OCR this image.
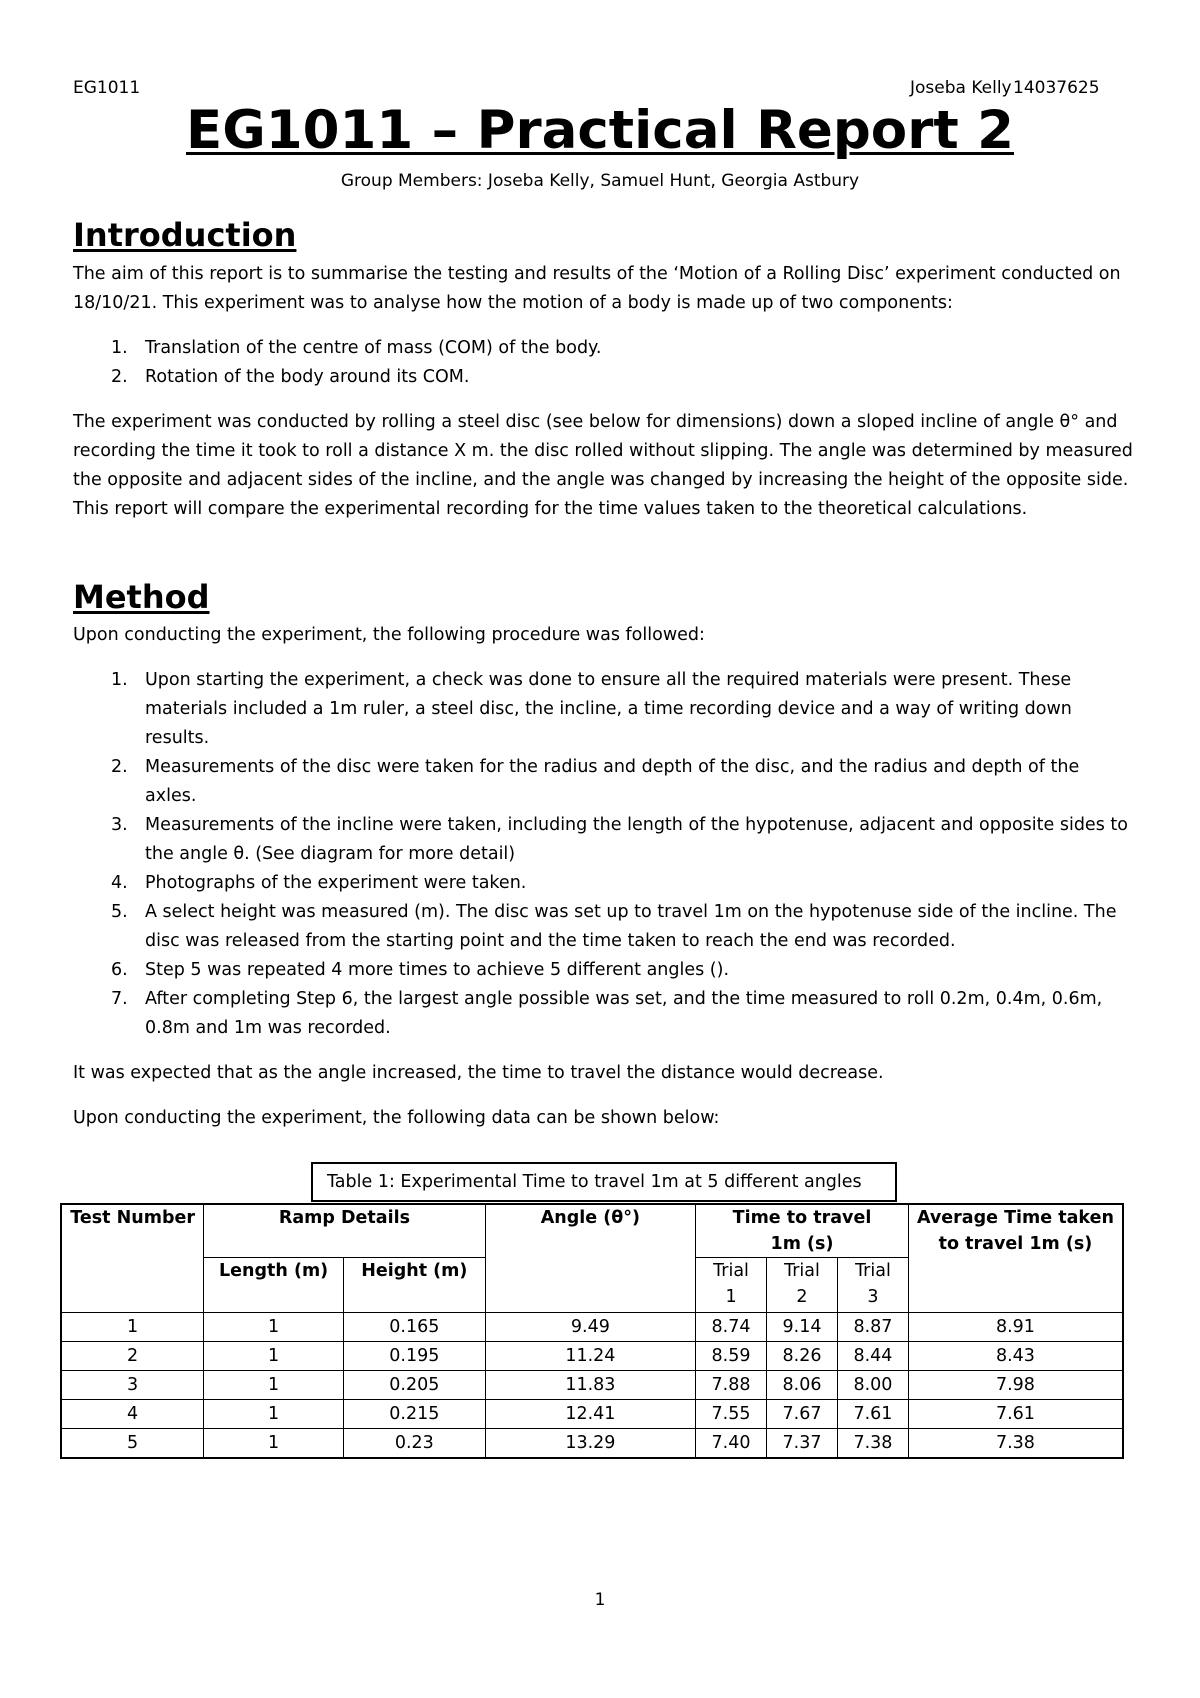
EG1011	Joseba Kelly 14037625
EG1011 – Practical Report 2
Group Members: Joseba Kelly, Samuel Hunt, Georgia Astbury
Introduction

The aim of this report is to summarise the testing and results of the ‘Motion of a Rolling Disc’ experiment conducted on 18/10/21. This experiment was to analyse how the motion of a body is made up of two components:

1. Translation of the centre of mass (COM) of the body.
2. Rotation of the body around its COM.

The experiment was conducted by rolling a steel disc (see below for dimensions) down a sloped incline of angle θ° and recording the time it took to roll a distance X m. the disc rolled without slipping. The angle was determined by measured the opposite and adjacent sides of the incline, and the angle was changed by increasing the height of the opposite side. This report will compare the experimental recording for the time values taken to the theoretical calculations.

Method

Upon conducting the experiment, the following procedure was followed:

1. Upon starting the experiment, a check was done to ensure all the required materials were present. These materials included a 1m ruler, a steel disc, the incline, a time recording device and a way of writing down results.
2. Measurements of the disc were taken for the radius and depth of the disc, and the radius and depth of the axles.
3. Measurements of the incline were taken, including the length of the hypotenuse, adjacent and opposite sides to the angle θ. (See diagram for more detail)
4. Photographs of the experiment were taken.
5. A select height was measured (m). The disc was set up to travel 1m on the hypotenuse side of the incline. The disc was released from the starting point and the time taken to reach the end was recorded.
6. Step 5 was repeated 4 more times to achieve 5 different angles ().
7. After completing Step 6, the largest angle possible was set, and the time measured to roll 0.2m, 0.4m, 0.6m, 0.8m and 1m was recorded.

It was expected that as the angle increased, the time to travel the distance would decrease.

Upon conducting the experiment, the following data can be shown below:

Table 1: Experimental Time to travel 1m at 5 different angles
Test Number	Ramp Details		Angle (θ°)	Time to travel 1m (s)			Average Time taken to travel 1m (s)
	Length (m)	Height (m)		Trial 1	Trial 2	Trial 3	
1	1	0.165	9.49	8.74	9.14	8.87	8.91
2	1	0.195	11.24	8.59	8.26	8.44	8.43
3	1	0.205	11.83	7.88	8.06	8.00	7.98
4	1	0.215	12.41	7.55	7.67	7.61	7.61
5	1	0.23	13.29	7.40	7.37	7.38	7.38
1
